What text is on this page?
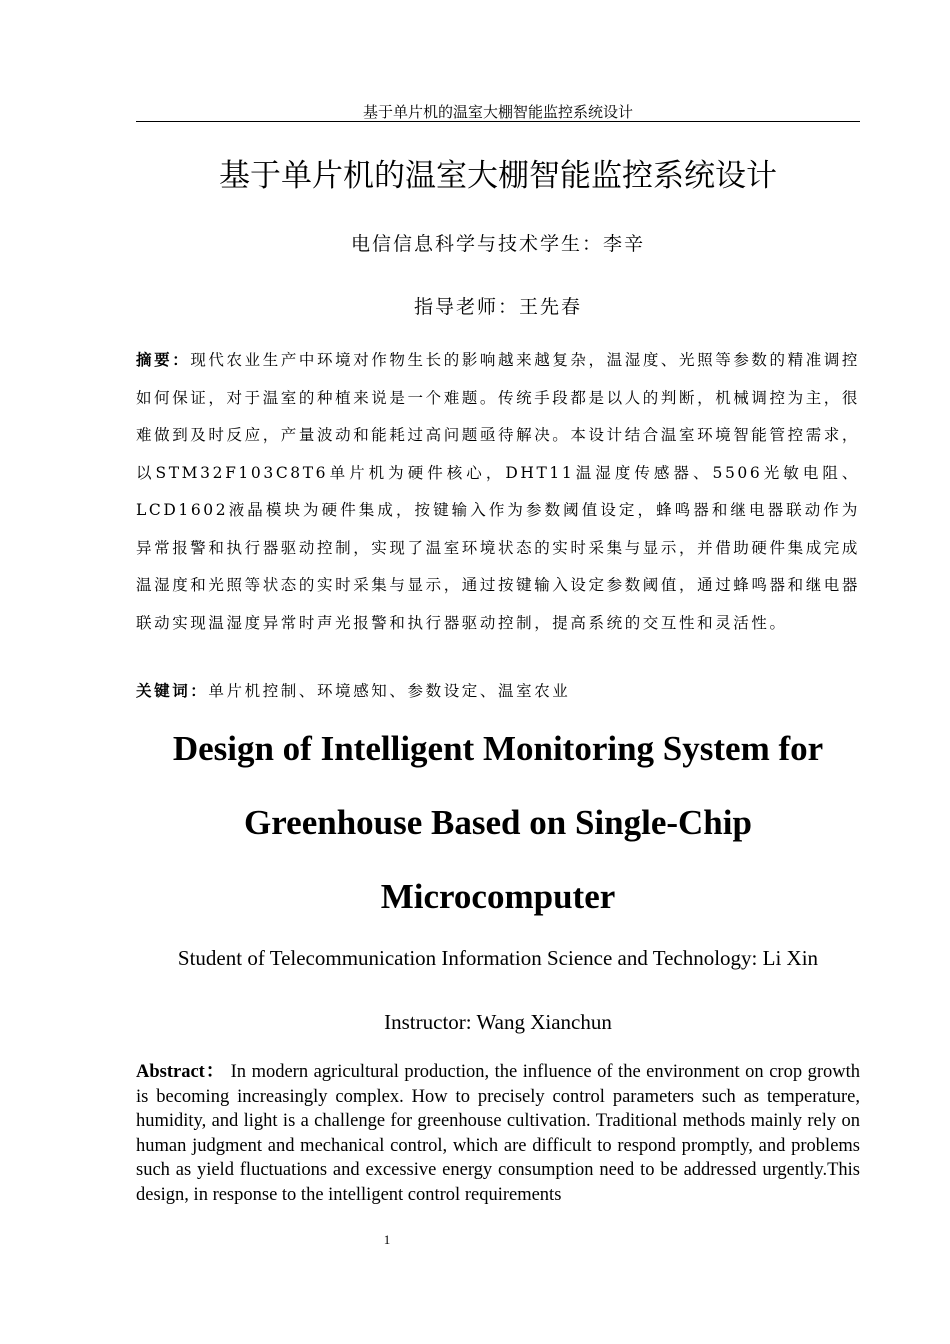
基于单片机的温室大棚智能监控系统设计
基于单片机的温室大棚智能监控系统设计
电信信息科学与技术学生：李辛
指导老师：王先春
摘要：现代农业生产中环境对作物生长的影响越来越复杂，温湿度、光照等参数的精准调控如何保证，对于温室的种植来说是一个难题。传统手段都是以人的判断，机械调控为主，很难做到及时反应，产量波动和能耗过高问题亟待解决。本设计结合温室环境智能管控需求，以STM32F103C8T6单片机为硬件核心，DHT11温湿度传感器、5506光敏电阻、LCD1602液晶模块为硬件集成，按键输入作为参数阈值设定，蜂鸣器和继电器联动作为异常报警和执行器驱动控制，实现了温室环境状态的实时采集与显示，并借助硬件集成完成温湿度和光照等状态的实时采集与显示，通过按键输入设定参数阈值，通过蜂鸣器和继电器联动实现温湿度异常时声光报警和执行器驱动控制，提高系统的交互性和灵活性。
关键词：单片机控制、环境感知、参数设定、温室农业
Design of Intelligent Monitoring System for Greenhouse Based on Single-Chip Microcomputer
Student of Telecommunication Information Science and Technology: Li Xin
Instructor: Wang Xianchun
Abstract： In modern agricultural production, the influence of the environment on crop growth is becoming increasingly complex. How to precisely control parameters such as temperature, humidity, and light is a challenge for greenhouse cultivation. Traditional methods mainly rely on human judgment and mechanical control, which are difficult to respond promptly, and problems such as yield fluctuations and excessive energy consumption need to be addressed urgently.This design, in response to the intelligent control requirements
1
